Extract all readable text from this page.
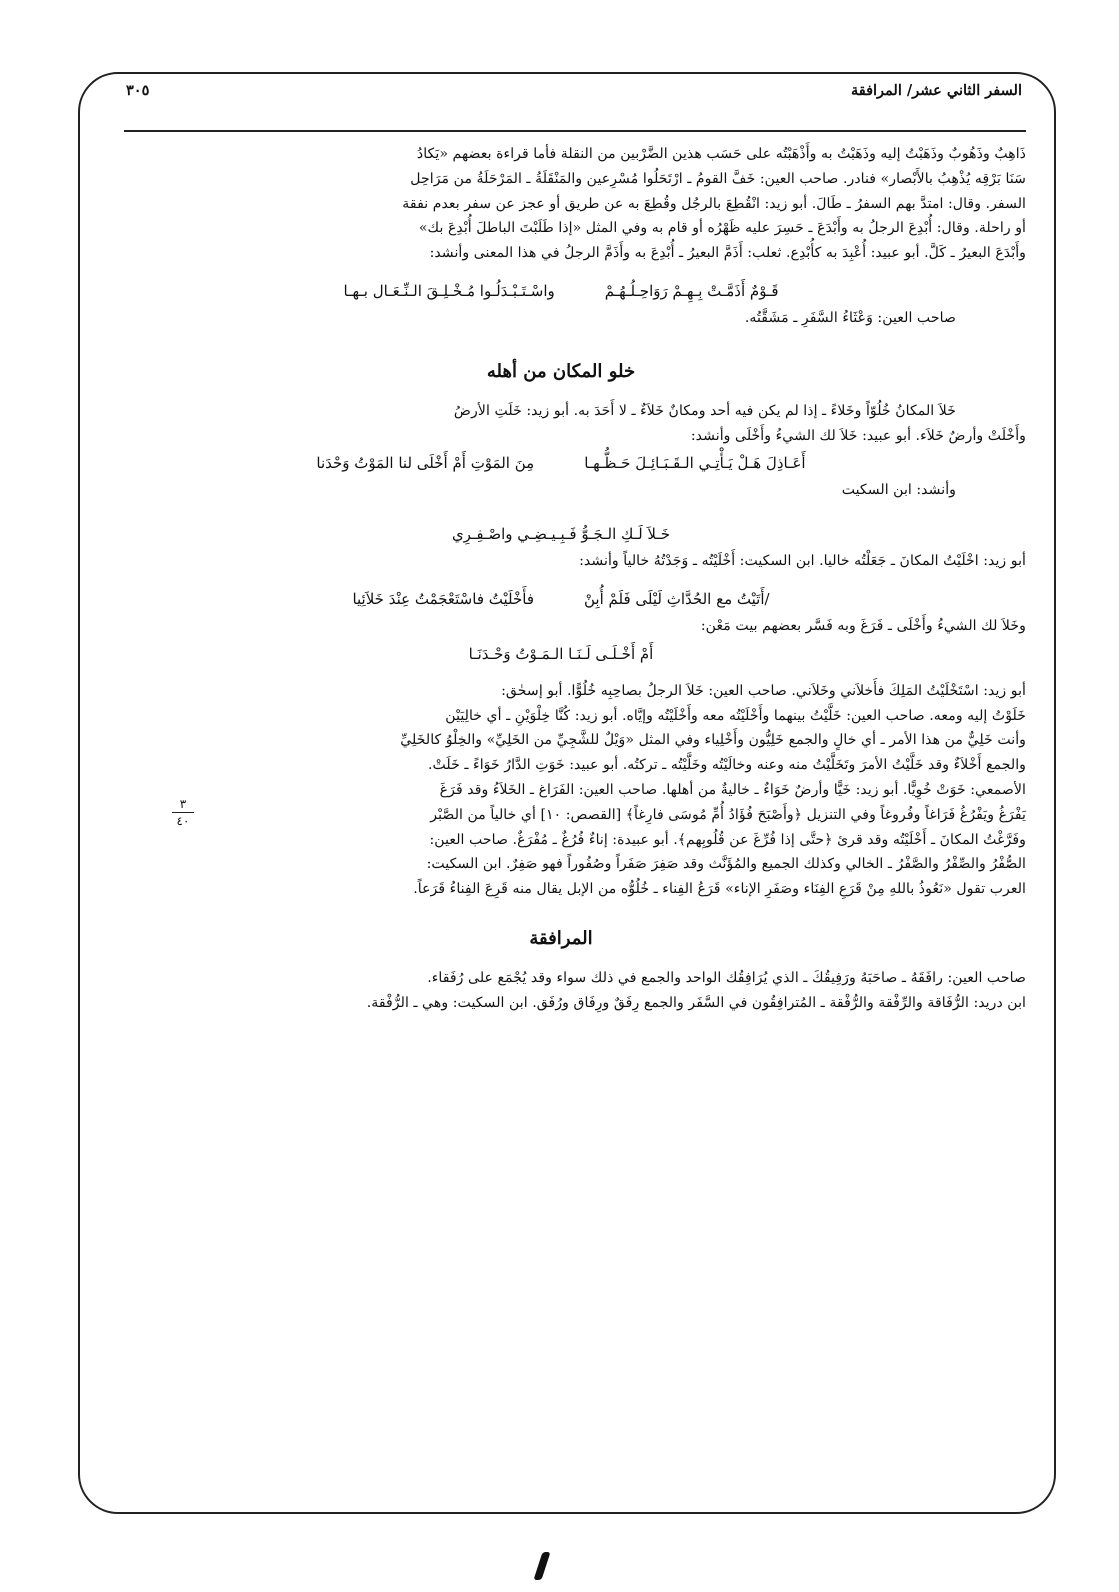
السفر الثاني عشر/ المرافقة
٣٠٥

ذَاهِبٌ وذَهُوبٌ وذَهَبْتُ إليه وذَهَبْتُ به وأَذْهَبْتُه على حَسَب هذين الضَّرْبين من النقلة فأما قراءة بعضهم «يَكادُ

سَنَا بَرْقِه يُذْهِبُ بالأَبْصار» فنادر. صاحب العين: خَفَّ القومُ ـ ارْتَحَلُوا مُسْرِعين والمَنْقَلَةُ ـ المَرْحَلَةُ من مَرَاحِل

السفر. وقال: امتدَّ بهم السفرُ ـ طَالَ. أبو زيد: انْقُطِعَ بالرجُل وقُطِعَ به عن طريق أو عجز عن سفر بعدم نفقة

أو راحلة. وقال: أُبْدِعَ الرجلُ به وأَبْدَعَ ـ حَسِرَ عليه ظَهْرُه أو قام به وفي المثل «إذا طَلَبْتَ الباطلَ أُبْدِعَ بك»

وأَبْدَعَ البعيرُ ـ كَلَّ. أبو عبيد: أُعْبِدَ به كأُبْدِع. ثعلب: أَذَمَّ البعيرُ ـ أُبْدِعَ به وأَذَمَّ الرجلُ في هذا المعنى وأنشد:

قَـوْمٌ أَذَمَّـتْ بِـهِـمْ رَوَاحِـلُـهُـمْ
واسْـتَـبْـدَلُـوا مُـخْـلِـقَ الـنِّـعَـال بـهـا

صاحب العين: وَعْثَاءُ السَّفَرِ ـ مَشَقَّتُه.

خلو المكان من أهله

خَلاَ المكانُ خُلُوّاً وخَلاءً ـ إذا لم يكن فيه أحد ومكانٌ خَلاَءٌ ـ لا أَحَدَ به. أبو زيد: خَلَتِ الأرضُ

وأَخْلَتْ وأرضٌ خَلاَء. أبو عبيد: خَلاَ لك الشيءُ وأَخْلَى وأنشد:

أَعَـاذِلَ هَـلْ يَـأْتِـي الـقَـبَـائِـلَ حَـظُّـهـا
مِنَ المَوْتِ أَمْ أَخْلَى لنا المَوْتُ وَحْدَنا

وأنشد: ابن السكيت

خَـلاَ لَـكِ الـجَـوُّ فَـبِـيـضِـي واصْـفِـرِي

أبو زيد: اخْلَيْتُ المكانَ ـ جَعَلْتُه خاليا. ابن السكيت: أَخْلَيْتُه ـ وَجَدْتُهُ خالياً وأنشد:

/أَتَيْتُ مع الحُدَّاثِ لَيْلَى فَلَمْ أُبِنْ
فأَخْلَيْتُ فاسْتَعْجَمْتُ عِنْدَ خَلاَئِيا

وخَلاَ لك الشيءُ وأَخْلَى ـ فَرَغَ وبه فَسَّر بعضهم بيت مَعْن:

أَمْ أَخْـلَـى لَـنَـا الـمَـوْتُ وَحْـدَنَـا

أبو زيد: اسْتَخْلَيْتُ المَلِكَ فأَخلاَني وخَلاَني. صاحب العين: خَلاَ الرجلُ بصاحِبِه خُلُوًّا. أبو إسحٰق:

خَلَوْتُ إليه ومعه. صاحب العين: خَلَّيْتُ بينهما وأَخْلَيْتُه معه وأَخْلَيْتُه وإيَّاه. أبو زيد: كُنَّا خِلْوَيْنِ ـ أي خالِيَيْن

وأنت خَلِيٌّ من هذا الأمر ـ أي خالٍ والجمع خَلِيُّون وأَخْلِياء وفي المثل «وَيْلٌ للشَّجِيِّ من الخَلِيِّ» والخِلْوُ كالخَلِيِّ

والجمع أَخْلاَءٌ وقد خَلَّيْتُ الأمرَ وتَخَلَّيْتُ منه وعنه وخالَيْتُه وخَلَّيْتُه ـ تركتُه. أبو عبيد: خَوَتِ الدَّارُ خَوَاءً ـ خَلَتْ.

الأصمعي: خَوَتْ خُوِيًّا. أبو زيد: خَيًّا وأرضٌ خَوَاءٌ ـ خاليةٌ من أهلها. صاحب العين: الفَرَاغ ـ الخَلاَءُ وقد فَرَغَ

يَفْرَغُ ويَفْرُغُ فَرَاغاً وفُروغاً وفي التنزيل ﴿وأَصْبَحَ فُؤَادُ أُمِّ مُوسَى فارِغاً﴾ [القصص: ١٠] أي خالياً من الصَّبْر

وفَرَّغْتُ المكانَ ـ أَخْلَيْتُه وقد قرئ ﴿حتَّى إذا فُرِّغَ عن قُلُوبِهم﴾. أبو عبيدة: إناءٌ فُرُغٌ ـ مُفْرَغٌ. صاحب العين:

الصُّفْرُ والصِّفْرُ والصَّفْرُ ـ الخالي وكذلك الجميع والمُؤَنَّث وقد صَفِرَ صَفَراً وصُفُوراً فهو صَفِرٌ. ابن السكيت:

العرب تقول «نَعُوذُ باللهِ مِنْ قَرَعِ الفِنَاء وصَفَرِ الإناء» قَرَعُ الفِناء ـ خُلُوُّه من الإبل يقال منه قَرِعَ الفِناءُ قَرَعاً.

المرافقة

صاحب العين: رافَقَهُ ـ صاحَبَهُ ورَفِيقُكَ ـ الذي يُرَافِقُك الواحد والجمع في ذلك سواء وقد يُجْمَع على رُفَقاء.

ابن دريد: الرُّفَاقة والرِّفْقة والرُّفْقة ـ المُترافِقُون في السَّفَر والجمع رِفَقٌ ورِفَاق ورُفَق. ابن السكيت: وهي ـ الرُّفْقة.

٣
٤٠
